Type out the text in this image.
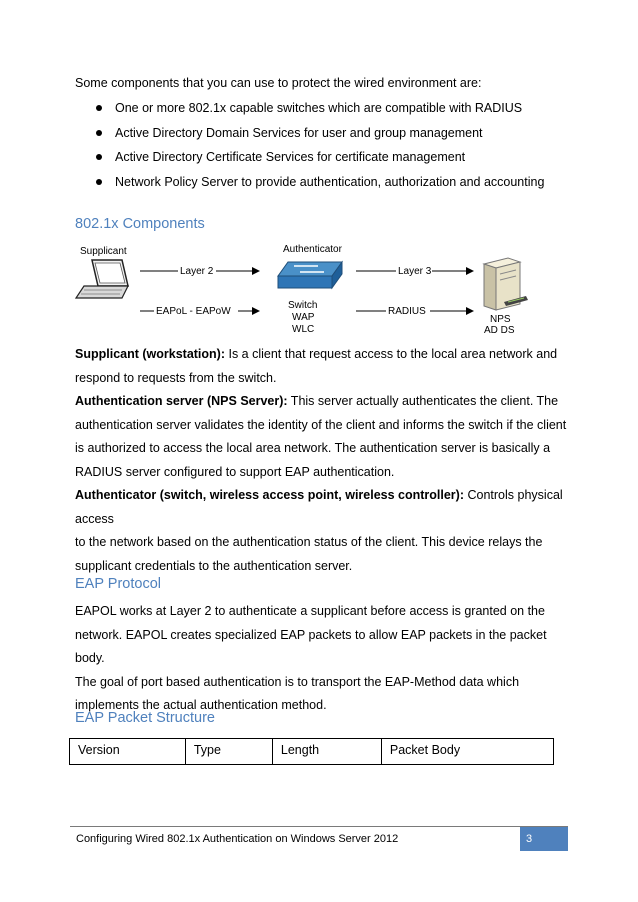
Some components that you can use to protect the wired environment are:
One or more 802.1x capable switches which are compatible with RADIUS
Active Directory Domain Services for user and group management
Active Directory Certificate Services for certificate management
Network Policy Server to provide authentication, authorization and accounting
802.1x Components
Supplicant	Authenticator
Layer 2
EAPoL - EAPoW
Switch
WAP
WLC
Layer 3
RADIUS
NPS
AD DS
Supplicant (workstation): Is a client that request access to the local area network and
respond to requests from the switch.
Authentication server (NPS Server): This server actually authenticates the client. The
authentication server validates the identity of the client and informs the switch if the client
is authorized to access the local area network. The authentication server is basically a
RADIUS server configured to support EAP authentication.
Authenticator (switch, wireless access point, wireless controller): Controls physical access
to the network based on the authentication status of the client. This device relays the
supplicant credentials to the authentication server.
EAP Protocol
EAPOL works at Layer 2 to authenticate a supplicant before access is granted on the
network. EAPOL creates specialized EAP packets to allow EAP packets in the packet body.
The goal of port based authentication is to transport the EAP-Method data which
implements the actual authentication method.
EAP Packet Structure
Version	Type	Length	Packet Body
Configuring Wired 802.1x Authentication on Windows Server 2012	3
